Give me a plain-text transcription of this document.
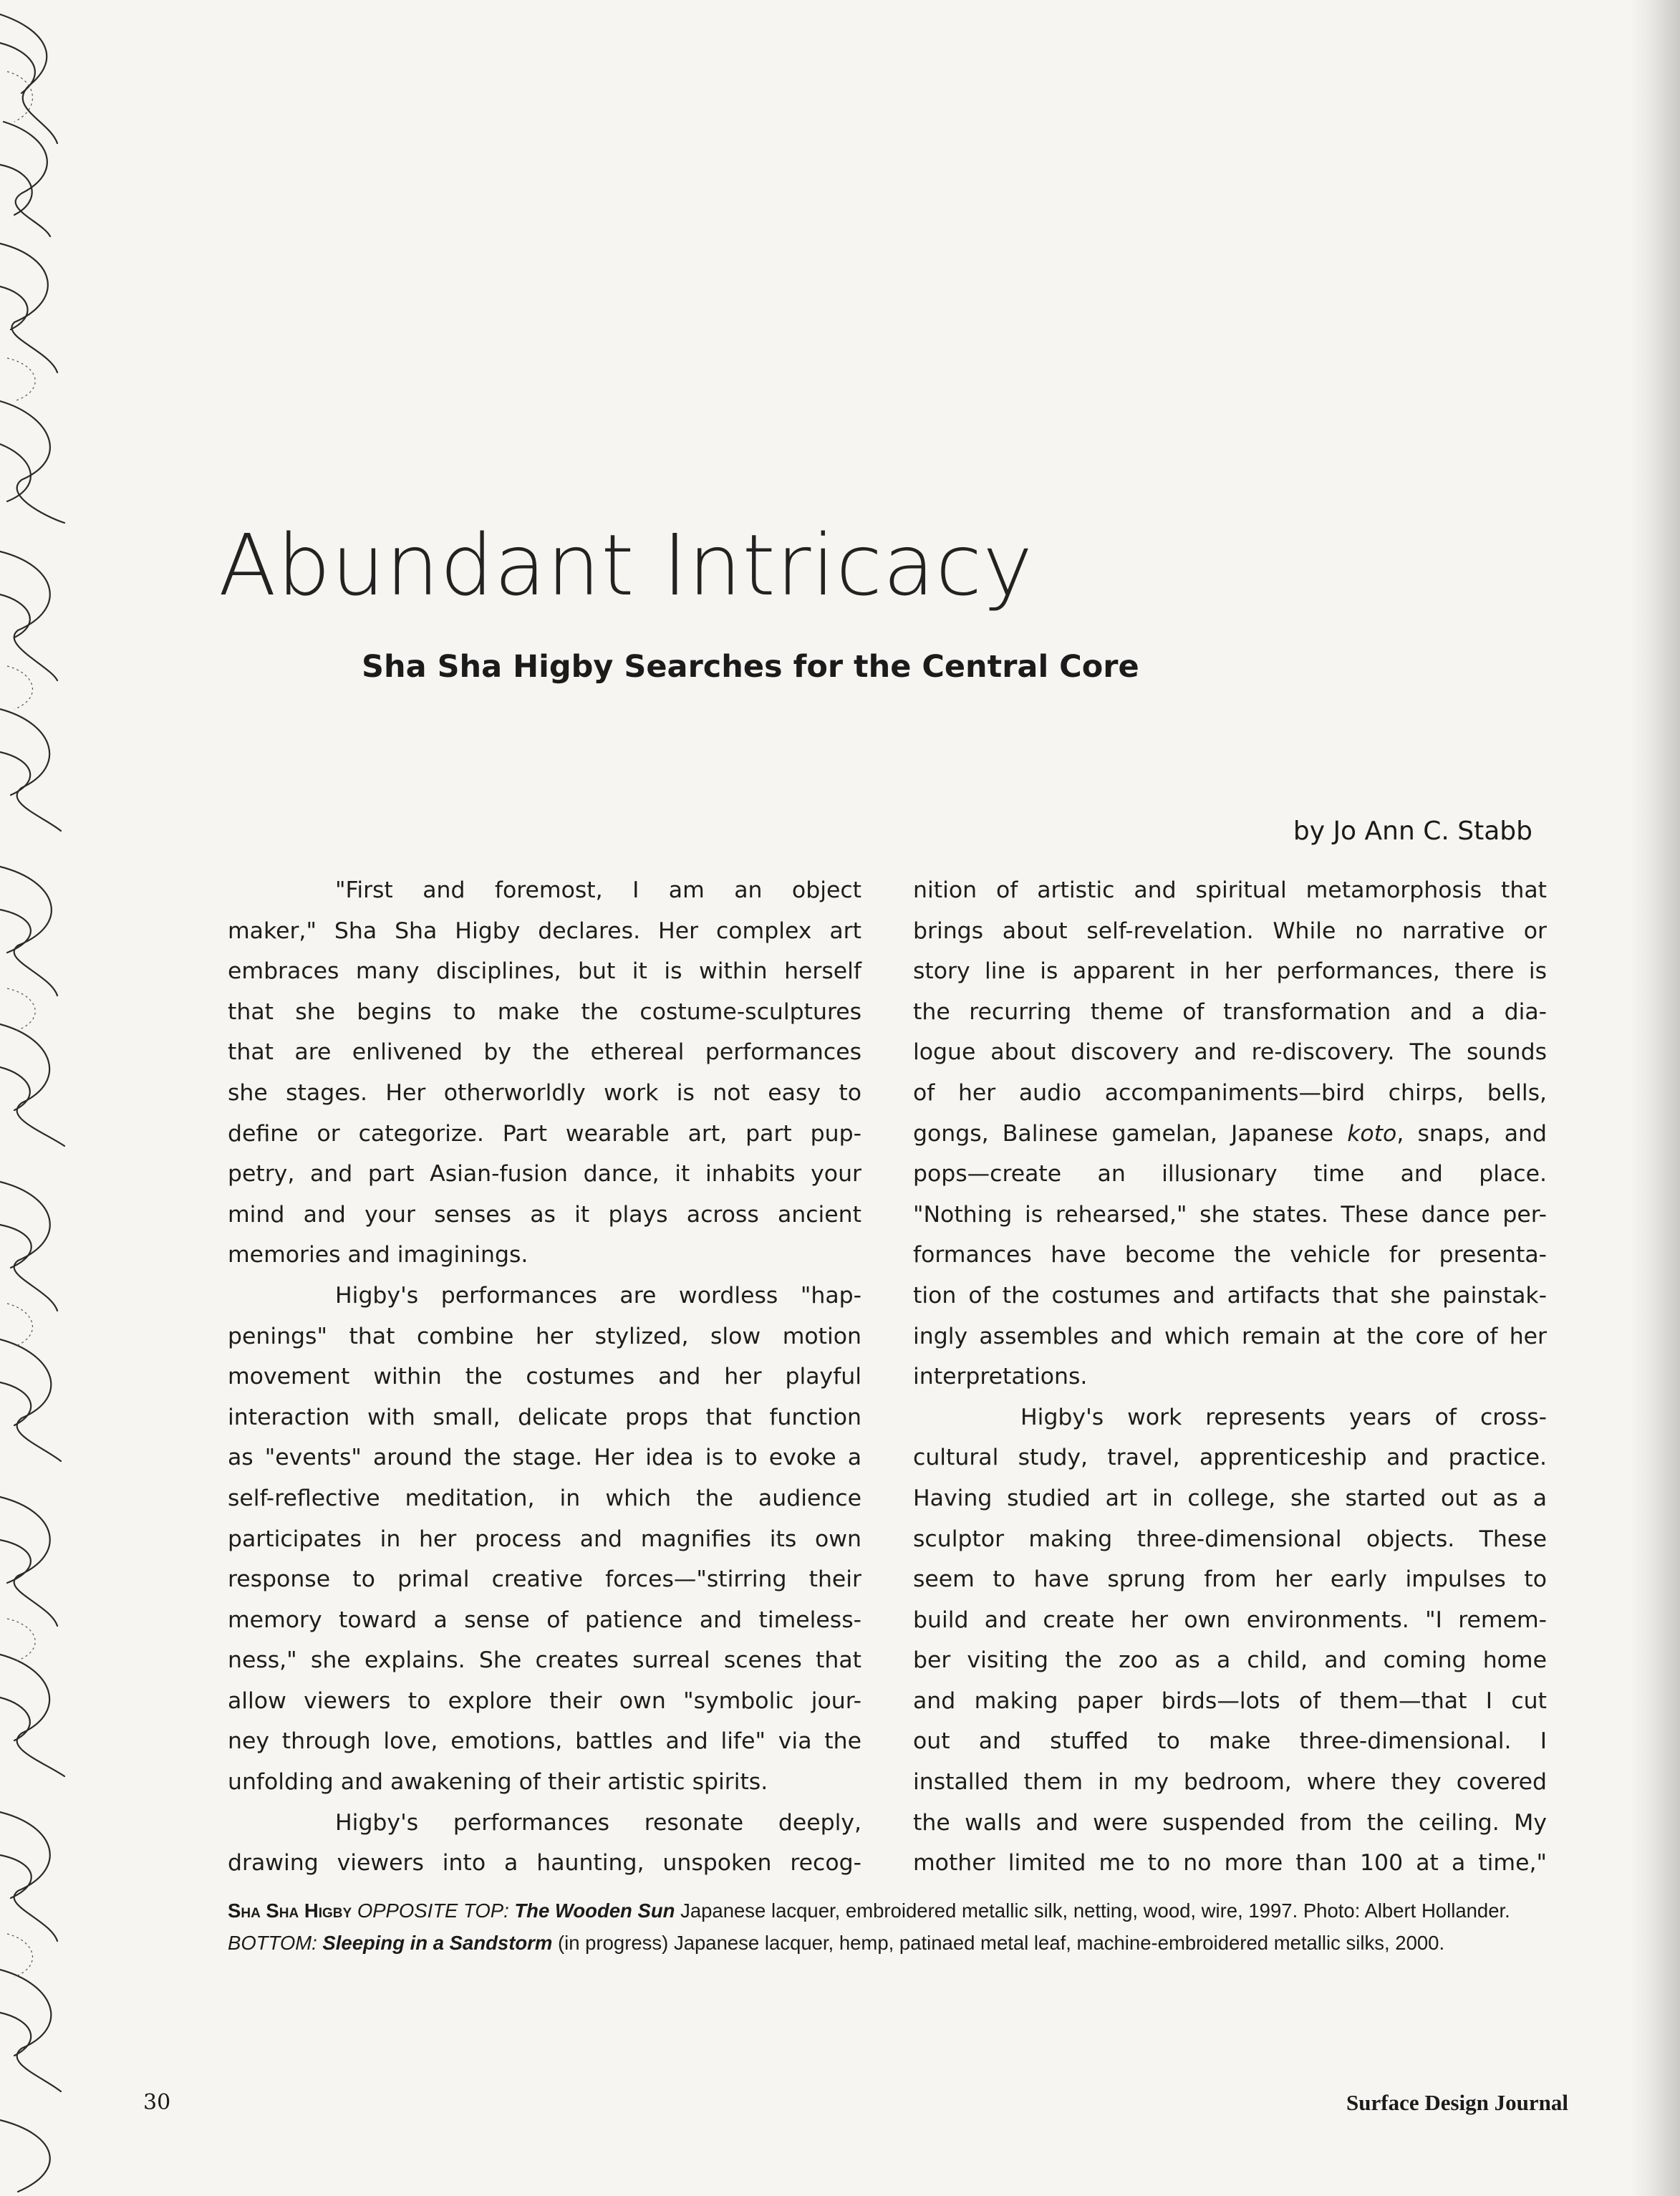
Abundant Intricacy
Sha Sha Higby Searches for the Central Core
by Jo Ann C. Stabb

"First and foremost, I am an object
maker," Sha Sha Higby declares. Her complex art
embraces many disciplines, but it is within herself
that she begins to make the costume-sculptures
that are enlivened by the ethereal performances
she stages. Her otherworldly work is not easy to
define or categorize. Part wearable art, part pup-
petry, and part Asian-fusion dance, it inhabits your
mind and your senses as it plays across ancient
memories and imaginings.

Higby's performances are wordless "hap-
penings" that combine her stylized, slow motion
movement within the costumes and her playful
interaction with small, delicate props that function
as "events" around the stage. Her idea is to evoke a
self-reflective meditation, in which the audience
participates in her process and magnifies its own
response to primal creative forces—"stirring their
memory toward a sense of patience and timeless-
ness," she explains. She creates surreal scenes that
allow viewers to explore their own "symbolic jour-
ney through love, emotions, battles and life" via the
unfolding and awakening of their artistic spirits.

Higby's performances resonate deeply,
drawing viewers into a haunting, unspoken recog-

nition of artistic and spiritual metamorphosis that
brings about self-revelation. While no narrative or
story line is apparent in her performances, there is
the recurring theme of transformation and a dia-
logue about discovery and re-discovery. The sounds
of her audio accompaniments—bird chirps, bells,
gongs, Balinese gamelan, Japanese koto, snaps, and
pops—create an illusionary time and place.
"Nothing is rehearsed," she states. These dance per-
formances have become the vehicle for presenta-
tion of the costumes and artifacts that she painstak-
ingly assembles and which remain at the core of her
interpretations.

Higby's work represents years of cross-
cultural study, travel, apprenticeship and practice.
Having studied art in college, she started out as a
sculptor making three-dimensional objects. These
seem to have sprung from her early impulses to
build and create her own environments. "I remem-
ber visiting the zoo as a child, and coming home
and making paper birds—lots of them—that I cut
out and stuffed to make three-dimensional. I
installed them in my bedroom, where they covered
the walls and were suspended from the ceiling. My
mother limited me to no more than 100 at a time,"

Sha Sha Higby OPPOSITE TOP: The Wooden Sun Japanese lacquer, embroidered metallic silk, netting, wood, wire, 1997. Photo: Albert Hollander.
BOTTOM: Sleeping in a Sandstorm (in progress) Japanese lacquer, hemp, patinaed metal leaf, machine-embroidered metallic silks, 2000.
30	Surface Design Journal
